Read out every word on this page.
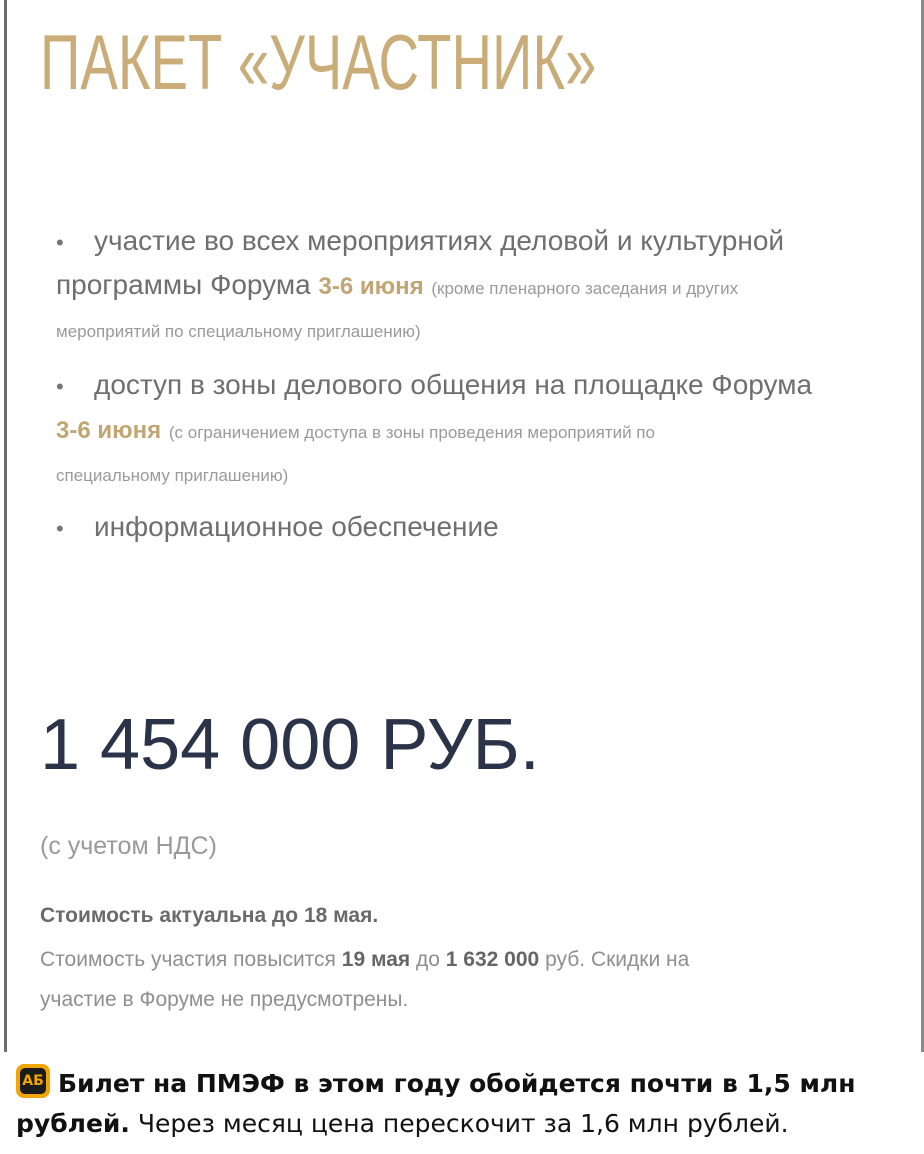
ПАКЕТ «УЧАСТНИК»
• участие во всех мероприятиях деловой и культурной
программы Форума 3-6 июня (кроме пленарного заседания и других
мероприятий по специальному приглашению)
• доступ в зоны делового общения на площадке Форума
3-6 июня (с ограничением доступа в зоны проведения мероприятий по
специальному приглашению)
• информационное обеспечение
1 454 000 РУБ.
(с учетом НДС)
Стоимость актуальна до 18 мая.
Стоимость участия повысится 19 мая до 1 632 000 руб. Скидки на
участие в Форуме не предусмотрены.
АБ Билет на ПМЭФ в этом году обойдется почти в 1,5 млн рублей. Через месяц цена перескочит за 1,6 млн рублей.
